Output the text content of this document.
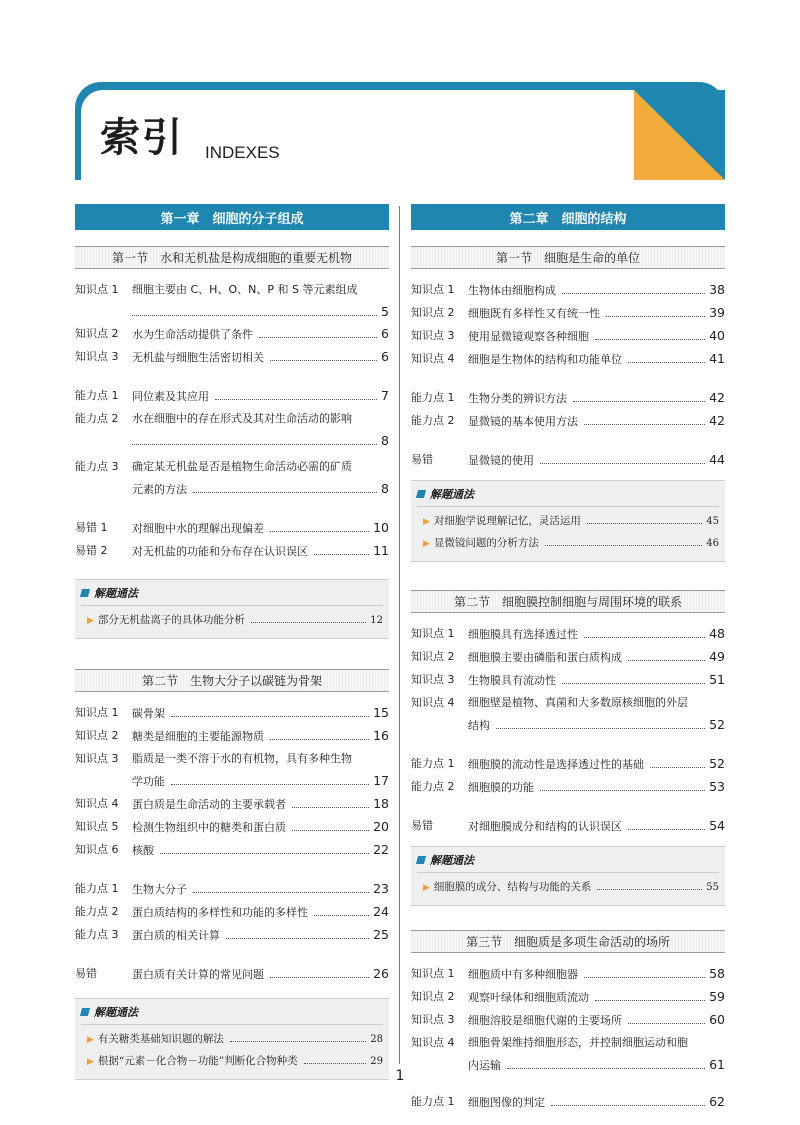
索引 INDEXES
第一章　细胞的分子组成
第一节　水和无机盐是构成细胞的重要无机物
知识点 1	细胞主要由 C、H、O、N、P 和 S 等元素组成
5
知识点 2	水为生命活动提供了条件	6
知识点 3	无机盐与细胞生活密切相关	6
能力点 1	同位素及其应用	7
能力点 2	水在细胞中的存在形式及其对生命活动的影响
8
能力点 3	确定某无机盐是否是植物生命活动必需的矿质
元素的方法	8
易错 1	对细胞中水的理解出现偏差	10
易错 2	对无机盐的功能和分布存在认识误区	11
解题通法
▶ 部分无机盐离子的具体功能分析	12
第二节　生物大分子以碳链为骨架
知识点 1	碳骨架	15
知识点 2	糖类是细胞的主要能源物质	16
知识点 3	脂质是一类不溶于水的有机物，具有多种生物
学功能	17
知识点 4	蛋白质是生命活动的主要承载者	18
知识点 5	检测生物组织中的糖类和蛋白质	20
知识点 6	核酸	22
能力点 1	生物大分子	23
能力点 2	蛋白质结构的多样性和功能的多样性	24
能力点 3	蛋白质的相关计算	25
易错	蛋白质有关计算的常见问题	26
解题通法
▶ 有关糖类基础知识题的解法	28
▶ 根据“元素－化合物－功能”判断化合物种类	29
第二章　细胞的结构
第一节　细胞是生命的单位
知识点 1	生物体由细胞构成	38
知识点 2	细胞既有多样性又有统一性	39
知识点 3	使用显微镜观察各种细胞	40
知识点 4	细胞是生物体的结构和功能单位	41
能力点 1	生物分类的辨识方法	42
能力点 2	显微镜的基本使用方法	42
易错	显微镜的使用	44
解题通法
▶ 对细胞学说理解记忆，灵活运用	45
▶ 显微镜问题的分析方法	46
第二节　细胞膜控制细胞与周围环境的联系
知识点 1	细胞膜具有选择透过性	48
知识点 2	细胞膜主要由磷脂和蛋白质构成	49
知识点 3	生物膜具有流动性	51
知识点 4	细胞壁是植物、真菌和大多数原核细胞的外层
结构	52
能力点 1	细胞膜的流动性是选择透过性的基础	52
能力点 2	细胞膜的功能	53
易错	对细胞膜成分和结构的认识误区	54
解题通法
▶ 细胞膜的成分、结构与功能的关系	55
第三节　细胞质是多项生命活动的场所
知识点 1	细胞质中有多种细胞器	58
知识点 2	观察叶绿体和细胞质流动	59
知识点 3	细胞溶胶是细胞代谢的主要场所	60
知识点 4	细胞骨架维持细胞形态，并控制细胞运动和胞
内运输	61
能力点 1	细胞图像的判定	62
1
